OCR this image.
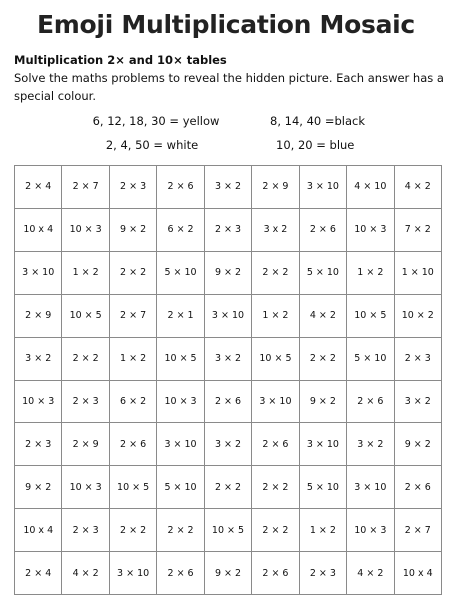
Emoji Multiplication Mosaic
Multiplication 2× and 10× tables
Solve the maths problems to reveal the hidden picture. Each answer has a special colour.
6, 12, 18, 30 = yellow	8, 14, 40 =black
2, 4, 50 = white	10, 20 = blue
2 × 4	2 × 7	2 × 3	2 × 6	3 × 2	2 × 9	3 × 10	4 × 10	4 × 2
10 x 4	10 × 3	9 × 2	6 × 2	2 × 3	3 x 2	2 × 6	10 × 3	7 × 2
3 × 10	1 × 2	2 × 2	5 × 10	9 × 2	2 × 2	5 × 10	1 × 2	1 × 10
2 × 9	10 × 5	2 × 7	2 × 1	3 × 10	1 × 2	4 × 2	10 × 5	10 × 2
3 × 2	2 × 2	1 × 2	10 × 5	3 × 2	10 × 5	2 × 2	5 × 10	2 × 3
10 × 3	2 × 3	6 × 2	10 × 3	2 × 6	3 × 10	9 × 2	2 × 6	3 × 2
2 × 3	2 × 9	2 × 6	3 × 10	3 × 2	2 × 6	3 × 10	3 × 2	9 × 2
9 × 2	10 × 3	10 × 5	5 × 10	2 × 2	2 × 2	5 × 10	3 × 10	2 × 6
10 x 4	2 × 3	2 × 2	2 × 2	10 × 5	2 × 2	1 × 2	10 × 3	2 × 7
2 × 4	4 × 2	3 × 10	2 × 6	9 × 2	2 × 6	2 × 3	4 × 2	10 x 4
